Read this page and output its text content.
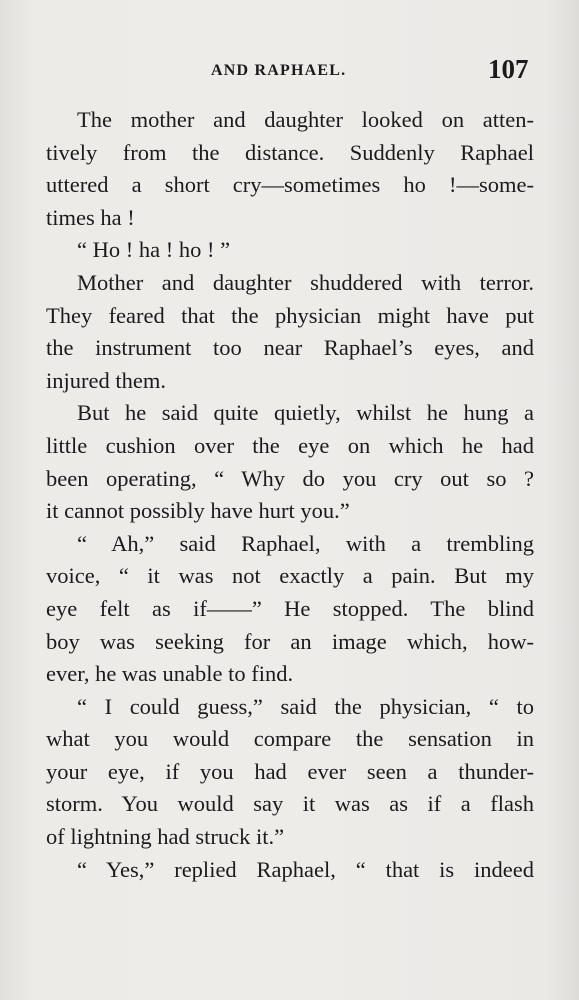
AND RAPHAEL.	107
The mother and daughter looked on atten-
tively from the distance. Suddenly Raphael
uttered a short cry—sometimes ho !—some-
times ha !
“ Ho ! ha ! ho ! ”
Mother and daughter shuddered with terror.
They feared that the physician might have put
the instrument too near Raphael’s eyes, and
injured them.
But he said quite quietly, whilst he hung a
little cushion over the eye on which he had
been operating, “ Why do you cry out so ?
it cannot possibly have hurt you.”
“ Ah,” said Raphael, with a trembling
voice, “ it was not exactly a pain. But my
eye felt as if——” He stopped. The blind
boy was seeking for an image which, how-
ever, he was unable to find.
“ I could guess,” said the physician, “ to
what you would compare the sensation in
your eye, if you had ever seen a thunder-
storm. You would say it was as if a flash
of lightning had struck it.”
“ Yes,” replied Raphael, “ that is indeed
